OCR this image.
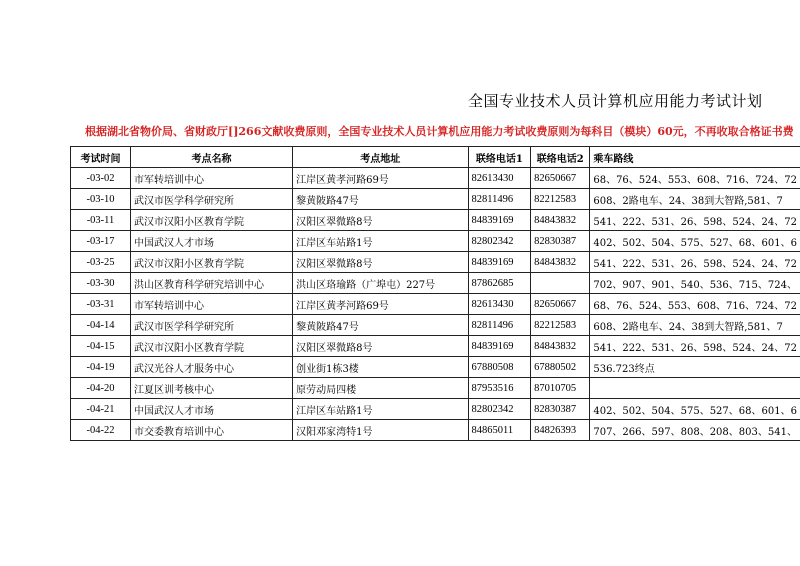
全国专业技术人员计算机应用能力考试计划
根据湖北省物价局、省财政厅[]266文献收费原则，全国专业技术人员计算机应用能力考试收费原则为每科目（模块）60元，不再收取合格证书费
考试时间	考点名称	考点地址	联络电话1	联络电话2	乘车路线
-03-02	市军转培训中心	江岸区黄孝河路69号	82613430	82650667	68、76、524、553、608、716、724、72
-03-10	武汉市医学科学研究所	黎黄陂路47号	82811496	82212583	608、2路电车、24、38到大智路,581、7
-03-11	武汉市汉阳小区教育学院	汉阳区翠微路8号	84839169	84843832	541、222、531、26、598、524、24、72
-03-17	中国武汉人才市场	江岸区车站路1号	82802342	82830387	402、502、504、575、527、68、601、6
-03-25	武汉市汉阳小区教育学院	汉阳区翠微路8号	84839169	84843832	541、222、531、26、598、524、24、72
-03-30	洪山区教育科学研究培训中心	洪山区珞瑜路（广埠屯）227号	87862685		702、907、901、540、536、715、724、
-03-31	市军转培训中心	江岸区黄孝河路69号	82613430	82650667	68、76、524、553、608、716、724、72
-04-14	武汉市医学科学研究所	黎黄陂路47号	82811496	82212583	608、2路电车、24、38到大智路,581、7
-04-15	武汉市汉阳小区教育学院	汉阳区翠微路8号	84839169	84843832	541、222、531、26、598、524、24、72
-04-19	武汉光谷人才服务中心	创业街1栋3楼	67880508	67880502	536.723终点
-04-20	江夏区训考核中心	原劳动局四楼	87953516	87010705	
-04-21	中国武汉人才市场	江岸区车站路1号	82802342	82830387	402、502、504、575、527、68、601、6
-04-22	市交委教育培训中心	汉阳邓家湾特1号	84865011	84826393	707、266、597、808、208、803、541、
